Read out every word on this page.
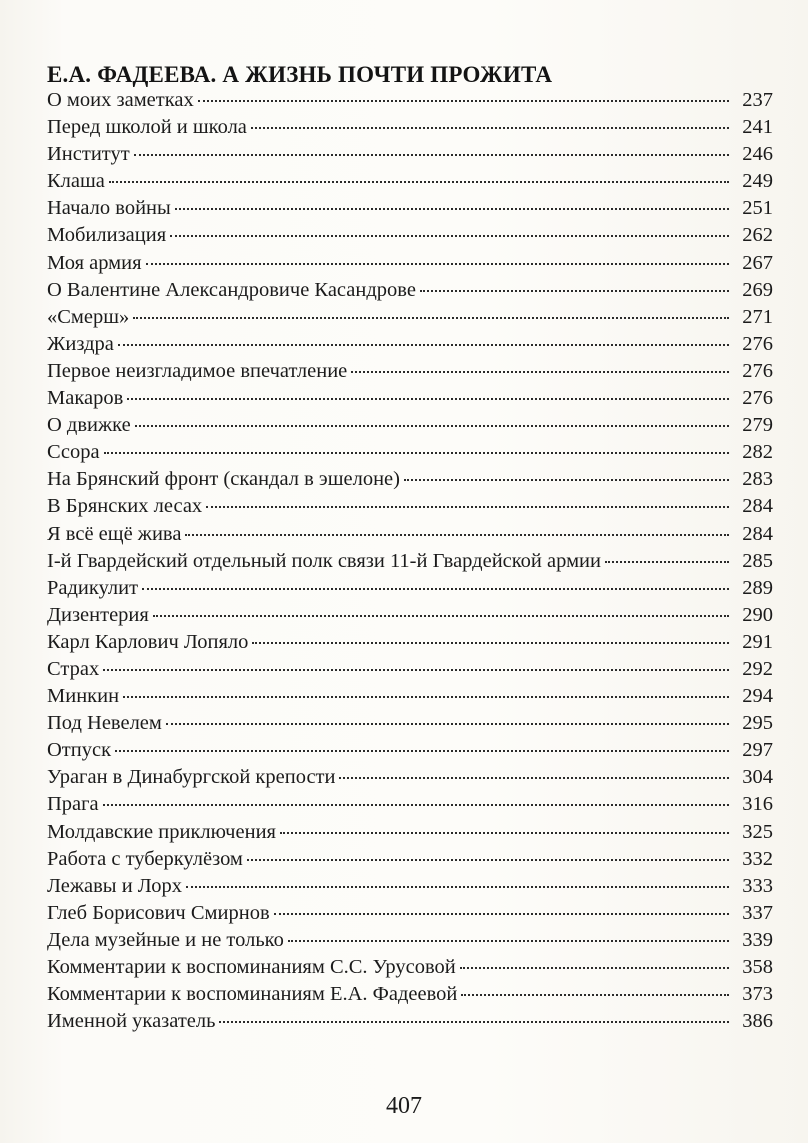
Е.А. ФАДЕЕВА. А ЖИЗНЬ ПОЧТИ ПРОЖИТА
О моих заметках	237
Перед школой и школа	241
Институт	246
Клаша	249
Начало войны	251
Мобилизация	262
Моя армия	267
О Валентине Александровиче Касандрове	269
«Смерш»	271
Жиздра	276
Первое неизгладимое впечатление	276
Макаров	276
О движке	279
Ссора	282
На Брянский фронт (скандал в эшелоне)	283
В Брянских лесах	284
Я всё ещё жива	284
I-й Гвардейский отдельный полк связи 11-й Гвардейской армии	285
Радикулит	289
Дизентерия	290
Карл Карлович Лопяло	291
Страх	292
Минкин	294
Под Невелем	295
Отпуск	297
Ураган в Динабургской крепости	304
Прага	316
Молдавские приключения	325
Работа с туберкулёзом	332
Лежавы и Лорх	333
Глеб Борисович Смирнов	337
Дела музейные и не только	339
Комментарии к воспоминаниям С.С. Урусовой	358
Комментарии к воспоминаниям Е.А. Фадеевой	373
Именной указатель	386
407
